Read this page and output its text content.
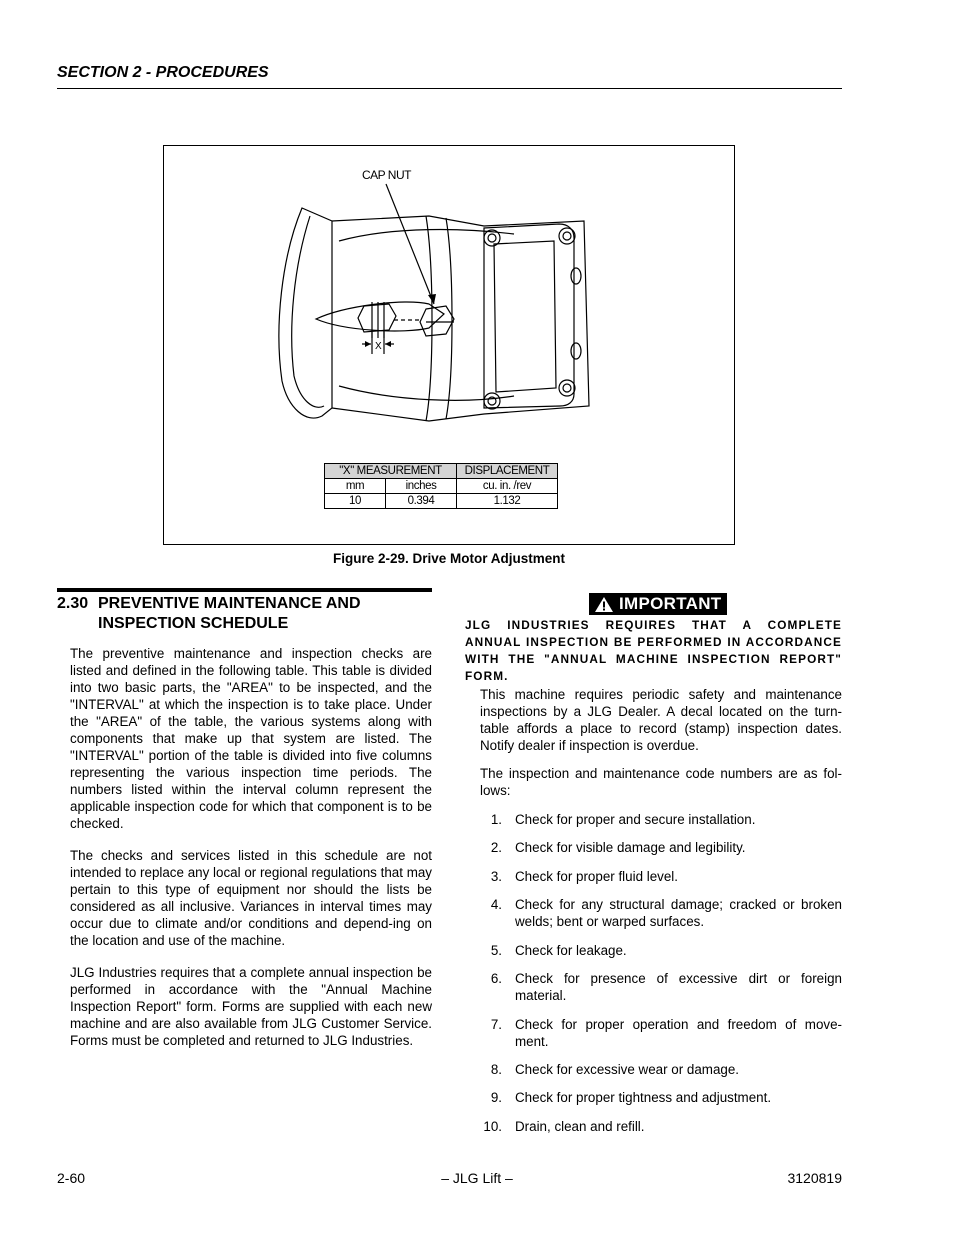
SECTION 2 - PROCEDURES
CAP NUT
X
"X" MEASUREMENT		DISPLACEMENT
mm	inches	cu. in. /rev
10	0.394	1.132
Figure 2-29. Drive Motor Adjustment
2.30 PREVENTIVE MAINTENANCE AND INSPECTION SCHEDULE

The preventive maintenance and inspection checks are listed and defined in the following table. This table is divided into two basic parts, the "AREA" to be inspected, and the "INTERVAL" at which the inspection is to take place. Under the "AREA" of the table, the various systems along with components that make up that system are listed. The "INTERVAL" portion of the table is divided into five columns representing the various inspection time periods. The numbers listed within the interval column represent the applicable inspection code for which that component is to be checked.

The checks and services listed in this schedule are not intended to replace any local or regional regulations that may pertain to this type of equipment nor should the lists be considered as all inclusive. Variances in interval times may occur due to climate and/or conditions and depend-ing on the location and use of the machine.

JLG Industries requires that a complete annual inspection be performed in accordance with the "Annual Machine Inspection Report" form. Forms are supplied with each new machine and are also available from JLG Customer Service. Forms must be completed and returned to JLG Industries.

IMPORTANT

JLG INDUSTRIES REQUIRES THAT A COMPLETE ANNUAL INSPECTION BE PERFORMED IN ACCORDANCE WITH THE "ANNUAL MACHINE INSPECTION REPORT" FORM.

This machine requires periodic safety and maintenance inspections by a JLG Dealer. A decal located on the turn-table affords a place to record (stamp) inspection dates. Notify dealer if inspection is overdue.

The inspection and maintenance code numbers are as fol-lows:

1. Check for proper and secure installation.
2. Check for visible damage and legibility.
3. Check for proper fluid level.
4. Check for any structural damage; cracked or broken welds; bent or warped surfaces.
5. Check for leakage.
6. Check for presence of excessive dirt or foreign material.
7. Check for proper operation and freedom of move-ment.
8. Check for excessive wear or damage.
9. Check for proper tightness and adjustment.
10. Drain, clean and refill.
2-60	– JLG Lift –	3120819
